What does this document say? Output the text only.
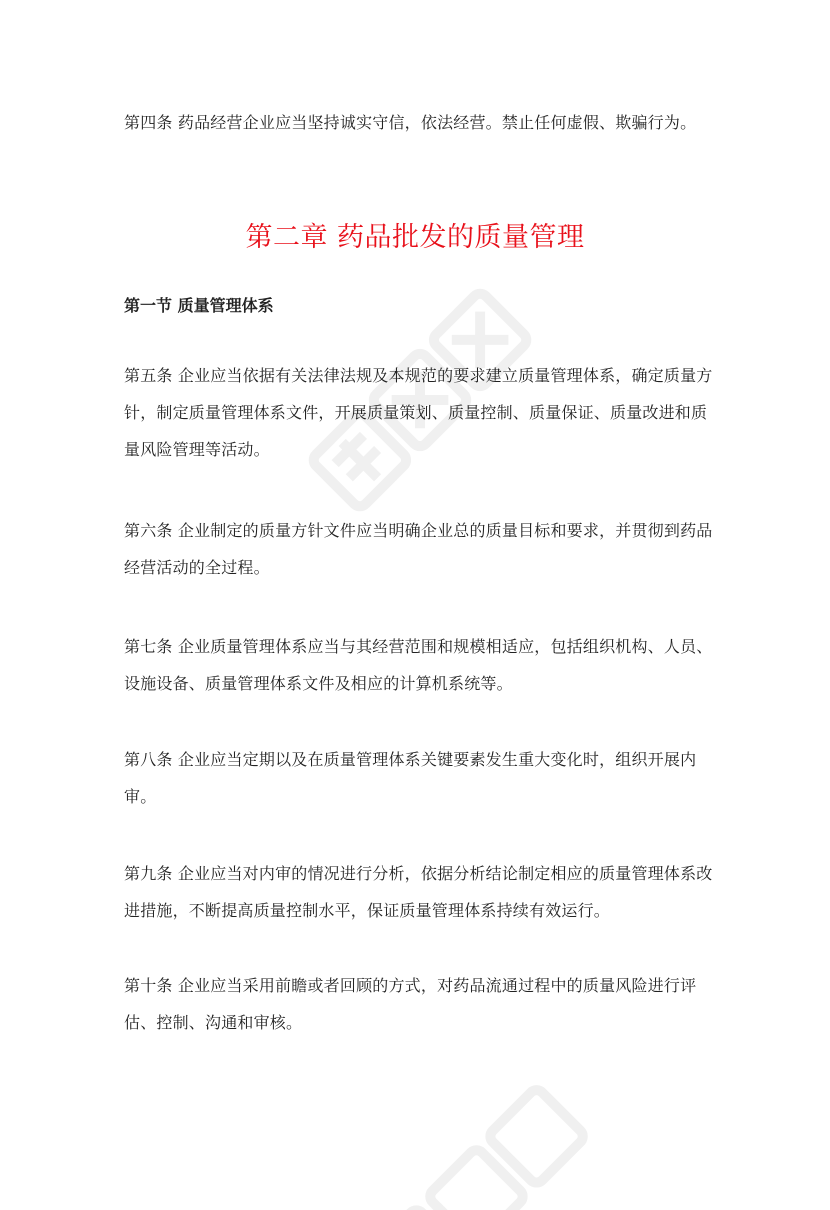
第四条 药品经营企业应当坚持诚实守信，依法经营。禁止任何虚假、欺骗行为。

第二章 药品批发的质量管理
第一节 质量管理体系

第五条 企业应当依据有关法律法规及本规范的要求建立质量管理体系，确定质量方针，制定质量管理体系文件，开展质量策划、质量控制、质量保证、质量改进和质量风险管理等活动。

第六条 企业制定的质量方针文件应当明确企业总的质量目标和要求，并贯彻到药品经营活动的全过程。

第七条 企业质量管理体系应当与其经营范围和规模相适应，包括组织机构、人员、设施设备、质量管理体系文件及相应的计算机系统等。

第八条 企业应当定期以及在质量管理体系关键要素发生重大变化时，组织开展内审。

第九条 企业应当对内审的情况进行分析，依据分析结论制定相应的质量管理体系改进措施，不断提高质量控制水平，保证质量管理体系持续有效运行。

第十条 企业应当采用前瞻或者回顾的方式，对药品流通过程中的质量风险进行评估、控制、沟通和审核。
